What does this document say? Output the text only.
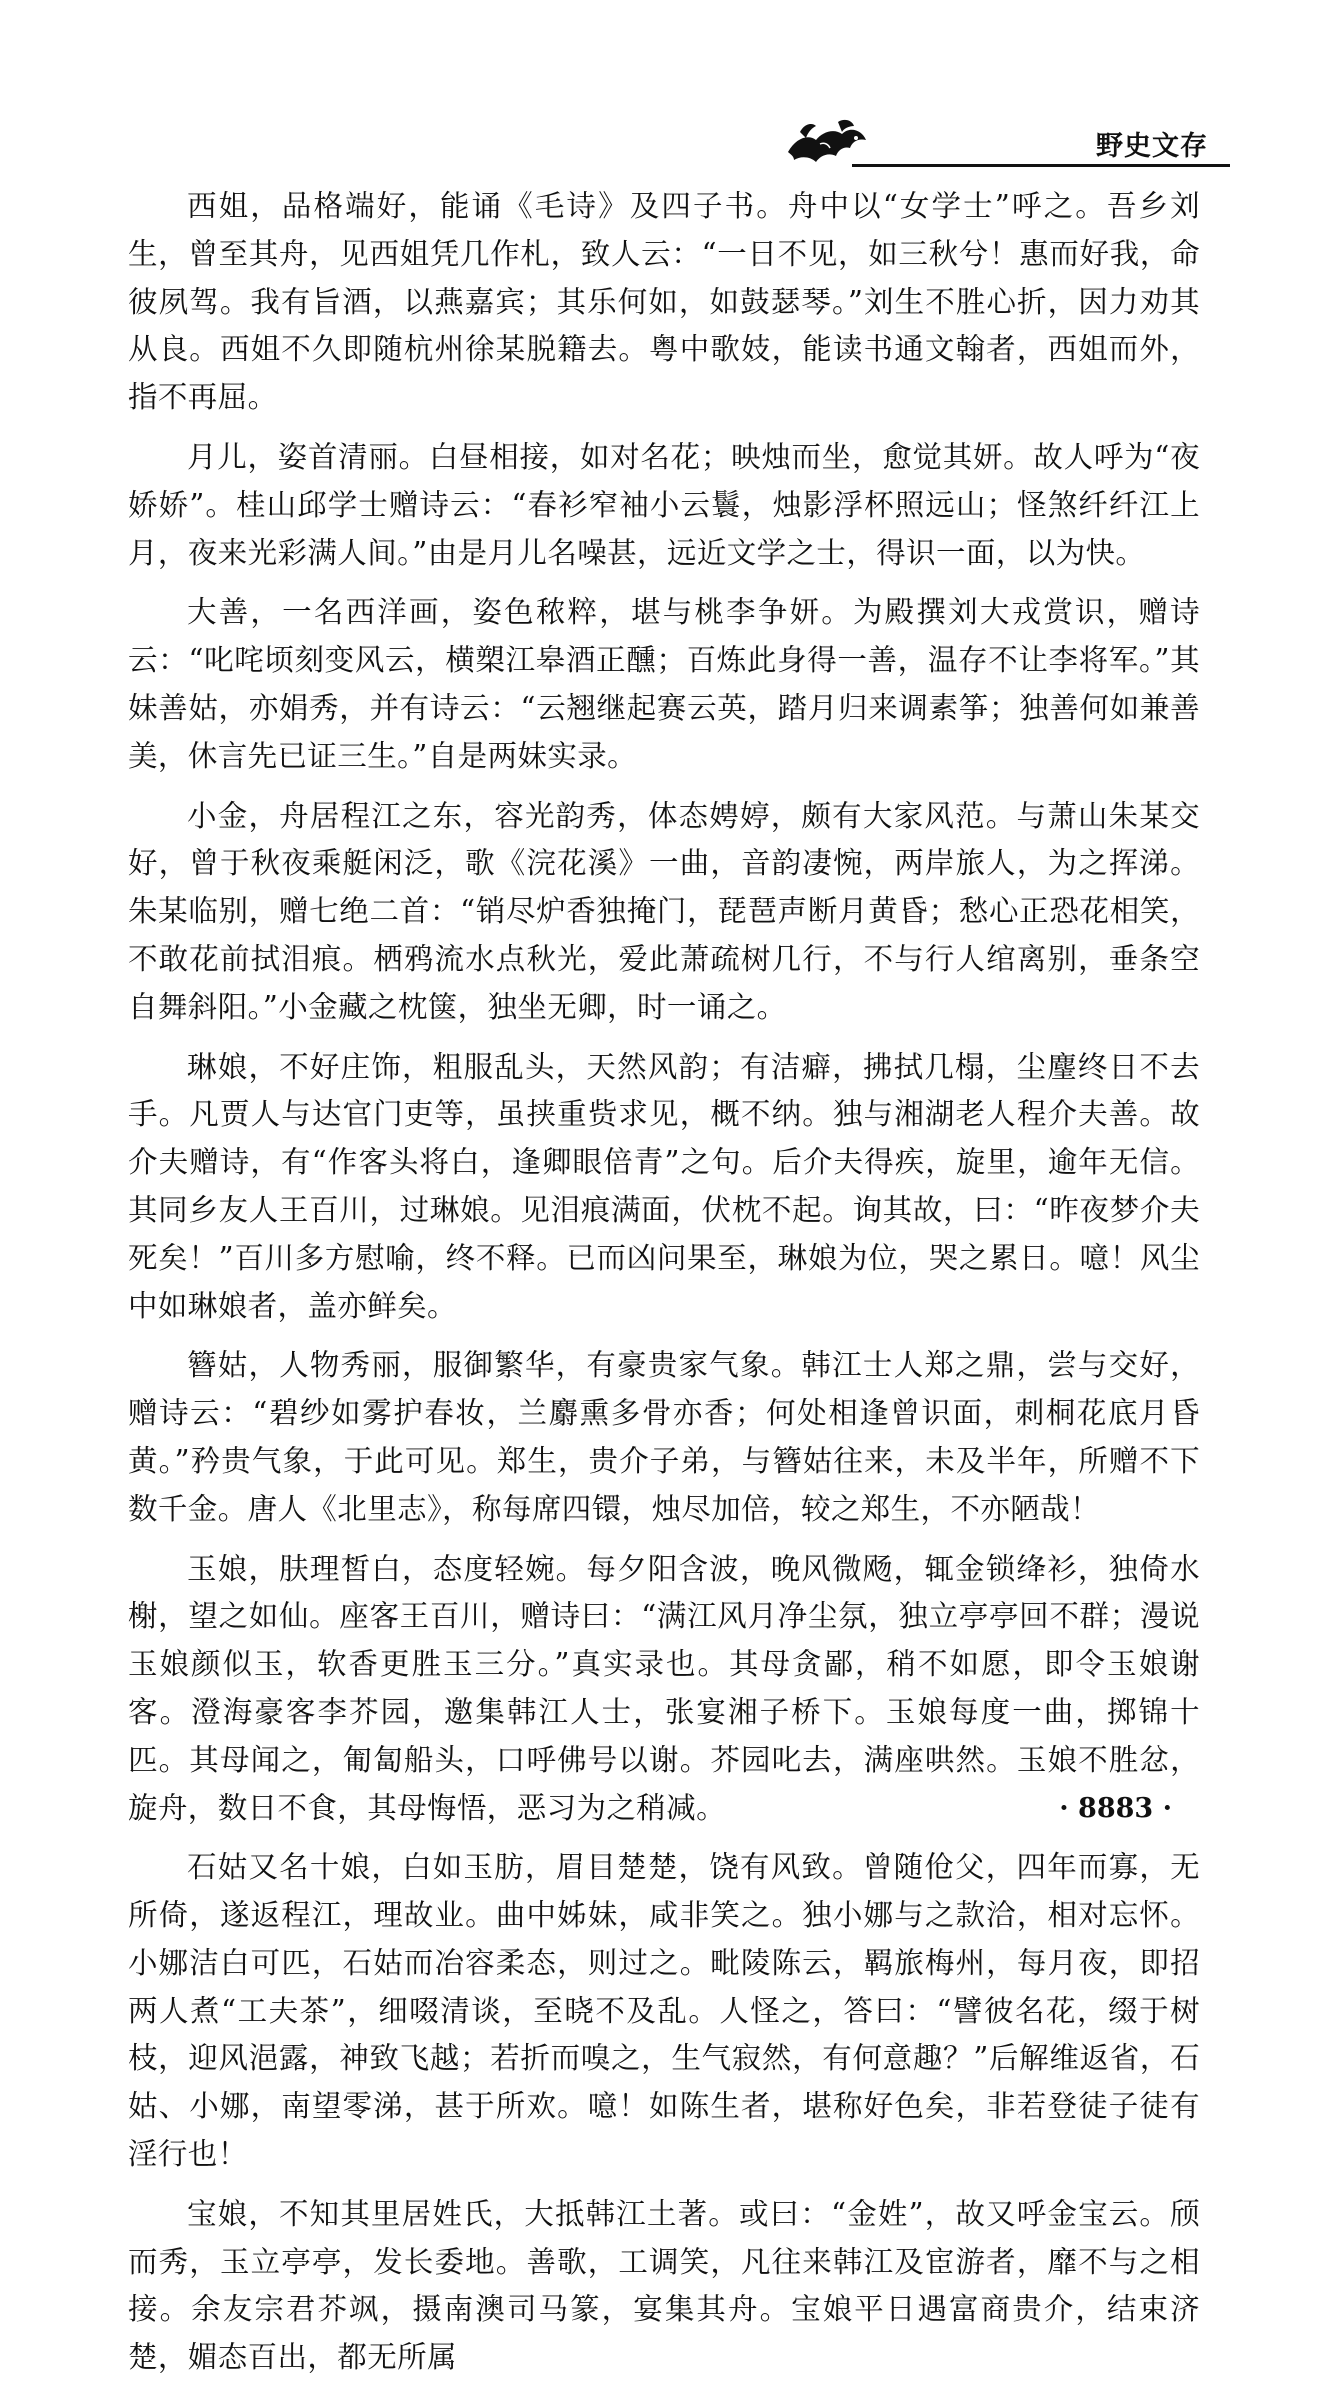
野史文存

西姐，品格端好，能诵《毛诗》及四子书。舟中以“女学士”呼之。吾乡刘生，曾至其舟，见西姐凭几作札，致人云：“一日不见，如三秋兮！惠而好我，命彼夙驾。我有旨酒，以燕嘉宾；其乐何如，如鼓瑟琴。”刘生不胜心折，因力劝其从良。西姐不久即随杭州徐某脱籍去。粤中歌妓，能读书通文翰者，西姐而外，指不再屈。

月儿，姿首清丽。白昼相接，如对名花；映烛而坐，愈觉其妍。故人呼为“夜娇娇”。桂山邱学士赠诗云：“春衫窄袖小云鬟，烛影浮杯照远山；怪煞纤纤江上月，夜来光彩满人间。”由是月儿名噪甚，远近文学之士，得识一面，以为快。

大善，一名西洋画，姿色秾粹，堪与桃李争妍。为殿撰刘大戎赏识，赠诗云：“叱咤顷刻变风云，横槊江皋酒正醺；百炼此身得一善，温存不让李将军。”其妹善姑，亦娟秀，并有诗云：“云翘继起赛云英，踏月归来调素筝；独善何如兼善美，休言先已证三生。”自是两妹实录。

小金，舟居程江之东，容光韵秀，体态娉婷，颇有大家风范。与萧山朱某交好，曾于秋夜乘艇闲泛，歌《浣花溪》一曲，音韵凄惋，两岸旅人，为之挥涕。朱某临别，赠七绝二首：“销尽炉香独掩门，琵琶声断月黄昏；愁心正恐花相笑，不敢花前拭泪痕。栖鸦流水点秋光，爱此萧疏树几行，不与行人绾离别，垂条空自舞斜阳。”小金藏之枕箧，独坐无卿，时一诵之。

琳娘，不好庄饰，粗服乱头，天然风韵；有洁癖，拂拭几榻，尘麈终日不去手。凡贾人与达官门吏等，虽挟重赀求见，概不纳。独与湘湖老人程介夫善。故介夫赠诗，有“作客头将白，逢卿眼倍青”之句。后介夫得疾，旋里，逾年无信。其同乡友人王百川，过琳娘。见泪痕满面，伏枕不起。询其故，曰：“昨夜梦介夫死矣！”百川多方慰喻，终不释。已而凶问果至，琳娘为位，哭之累日。噫！风尘中如琳娘者，盖亦鲜矣。

簪姑，人物秀丽，服御繁华，有豪贵家气象。韩江士人郑之鼎，尝与交好，赠诗云：“碧纱如雾护春妆，兰麝熏多骨亦香；何处相逢曾识面，刺桐花底月昏黄。”矜贵气象，于此可见。郑生，贵介子弟，与簪姑往来，未及半年，所赠不下数千金。唐人《北里志》，称每席四镮，烛尽加倍，较之郑生，不亦陋哉！

玉娘，肤理皙白，态度轻婉。每夕阳含波，晚风微飏，辄金锁绛衫，独倚水榭，望之如仙。座客王百川，赠诗曰：“满江风月净尘氛，独立亭亭回不群；漫说玉娘颜似玉，软香更胜玉三分。”真实录也。其母贪鄙，稍不如愿，即令玉娘谢客。澄海豪客李芥园，邀集韩江人士，张宴湘子桥下。玉娘每度一曲，掷锦十匹。其母闻之，匍匐船头，口呼佛号以谢。芥园叱去，满座哄然。玉娘不胜忿，旋舟，数日不食，其母悔悟，恶习为之稍减。

石姑又名十娘，白如玉肪，眉目楚楚，饶有风致。曾随伧父，四年而寡，无所倚，遂返程江，理故业。曲中姊妹，咸非笑之。独小娜与之款洽，相对忘怀。小娜洁白可匹，石姑而冶容柔态，则过之。毗陵陈云，羁旅梅州，每月夜，即招两人煮“工夫茶”，细啜清谈，至晓不及乱。人怪之，答曰：“譬彼名花，缀于树枝，迎风浥露，神致飞越；若折而嗅之，生气寂然，有何意趣？”后解维返省，石姑、小娜，南望零涕，甚于所欢。噫！如陈生者，堪称好色矣，非若登徒子徒有淫行也！

宝娘，不知其里居姓氏，大抵韩江土著。或曰：“金姓”，故又呼金宝云。颀而秀，玉立亭亭，发长委地。善歌，工调笑，凡往来韩江及宦游者，靡不与之相接。余友宗君芥飒，摄南澳司马篆，宴集其舟。宝娘平日遇富商贵介，结束济楚，媚态百出，都无所属

· 8883 ·
